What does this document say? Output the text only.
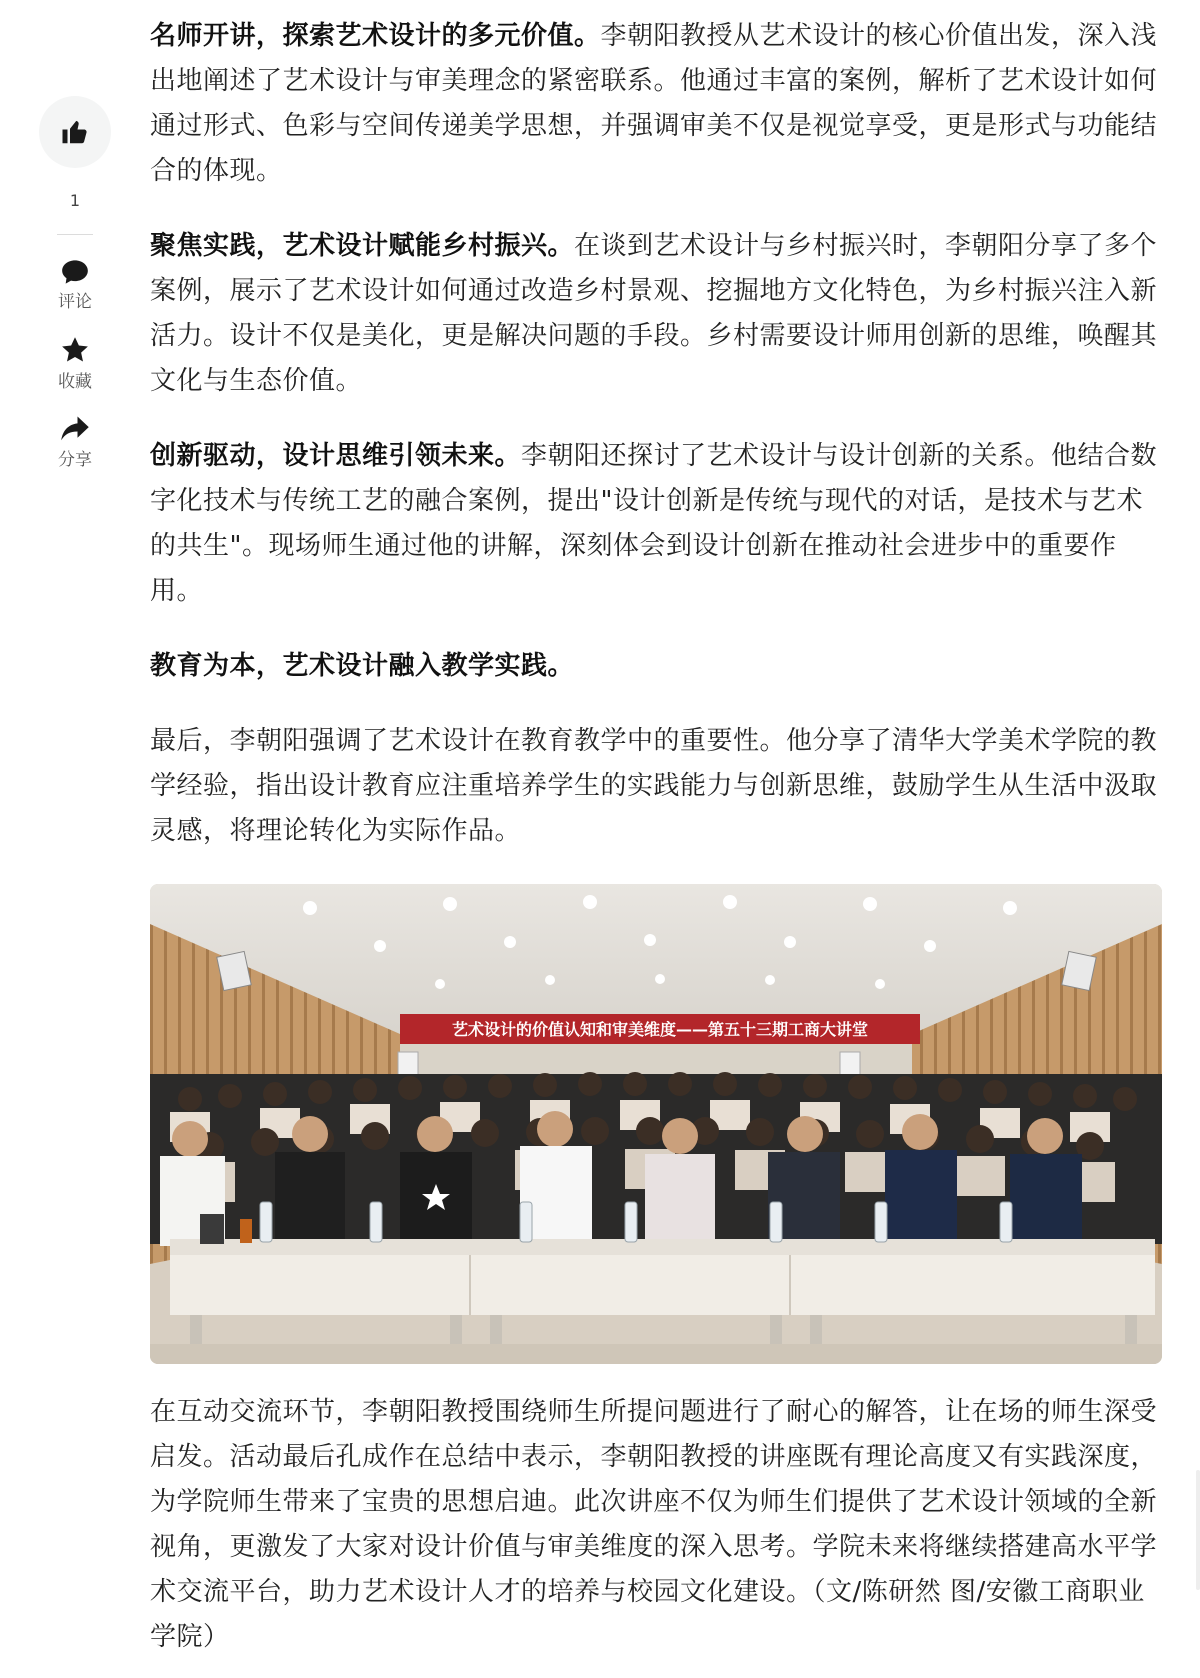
1
评论
收藏
分享

名师开讲，探索艺术设计的多元价值。李朝阳教授从艺术设计的核心价值出发，深入浅出地阐述了艺术设计与审美理念的紧密联系。他通过丰富的案例，解析了艺术设计如何通过形式、色彩与空间传递美学思想，并强调审美不仅是视觉享受，更是形式与功能结合的体现。

聚焦实践，艺术设计赋能乡村振兴。在谈到艺术设计与乡村振兴时，李朝阳分享了多个案例，展示了艺术设计如何通过改造乡村景观、挖掘地方文化特色，为乡村振兴注入新活力。设计不仅是美化，更是解决问题的手段。乡村需要设计师用创新的思维，唤醒其文化与生态价值。

创新驱动，设计思维引领未来。李朝阳还探讨了艺术设计与设计创新的关系。他结合数字化技术与传统工艺的融合案例，提出"设计创新是传统与现代的对话，是技术与艺术的共生"。现场师生通过他的讲解，深刻体会到设计创新在推动社会进步中的重要作用。

教育为本，艺术设计融入教学实践。

最后，李朝阳强调了艺术设计在教育教学中的重要性。他分享了清华大学美术学院的教学经验，指出设计教育应注重培养学生的实践能力与创新思维，鼓励学生从生活中汲取灵感，将理论转化为实际作品。

艺术设计的价值认知和审美维度——第五十三期工商大讲堂

在互动交流环节，李朝阳教授围绕师生所提问题进行了耐心的解答，让在场的师生深受启发。活动最后孔成作在总结中表示，李朝阳教授的讲座既有理论高度又有实践深度，为学院师生带来了宝贵的思想启迪。此次讲座不仅为师生们提供了艺术设计领域的全新视角，更激发了大家对设计价值与审美维度的深入思考。学院未来将继续搭建高水平学术交流平台，助力艺术设计人才的培养与校园文化建设。（文/陈研然 图/安徽工商职业学院）
